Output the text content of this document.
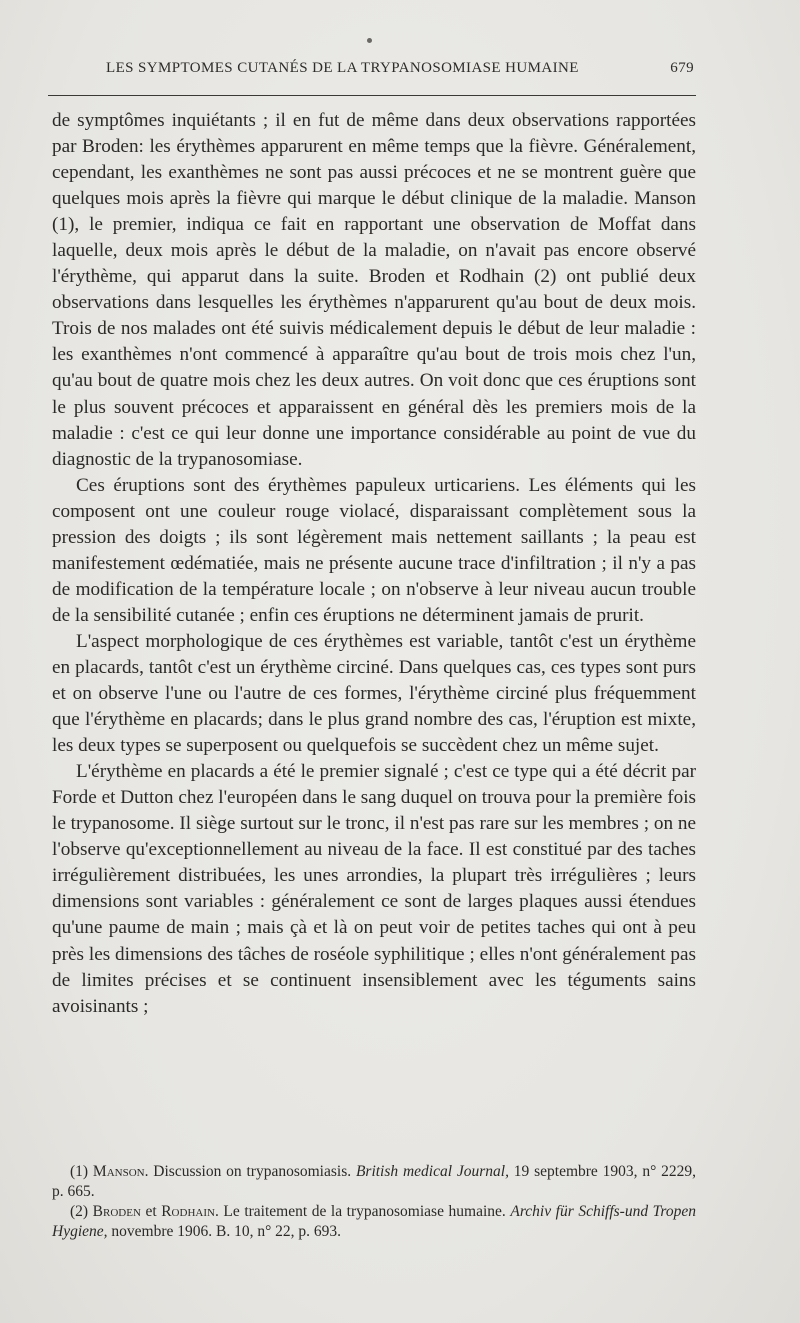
LES SYMPTOMES CUTANÉS DE LA TRYPANOSOMIASE HUMAINE	679

de symptômes inquiétants ; il en fut de même dans deux observations rapportées par Broden: les érythèmes apparurent en même temps que la fièvre. Généralement, cependant, les exanthèmes ne sont pas aussi précoces et ne se montrent guère que quelques mois après la fièvre qui marque le début clinique de la maladie. Manson (1), le premier, indiqua ce fait en rapportant une observation de Moffat dans laquelle, deux mois après le début de la maladie, on n'avait pas encore observé l'érythème, qui apparut dans la suite. Broden et Rodhain (2) ont publié deux observations dans lesquelles les érythèmes n'apparurent qu'au bout de deux mois. Trois de nos malades ont été suivis médicalement depuis le début de leur maladie : les exanthèmes n'ont commencé à apparaître qu'au bout de trois mois chez l'un, qu'au bout de quatre mois chez les deux autres. On voit donc que ces éruptions sont le plus souvent précoces et apparaissent en général dès les premiers mois de la maladie : c'est ce qui leur donne une importance considérable au point de vue du diagnostic de la trypanosomiase.

Ces éruptions sont des érythèmes papuleux urticariens. Les éléments qui les composent ont une couleur rouge violacé, disparaissant complètement sous la pression des doigts ; ils sont légèrement mais nettement saillants ; la peau est manifestement œdématiée, mais ne présente aucune trace d'infiltration ; il n'y a pas de modification de la température locale ; on n'observe à leur niveau aucun trouble de la sensibilité cutanée ; enfin ces éruptions ne déterminent jamais de prurit.

L'aspect morphologique de ces érythèmes est variable, tantôt c'est un érythème en placards, tantôt c'est un érythème circiné. Dans quelques cas, ces types sont purs et on observe l'une ou l'autre de ces formes, l'érythème circiné plus fréquemment que l'érythème en placards; dans le plus grand nombre des cas, l'éruption est mixte, les deux types se superposent ou quelquefois se succèdent chez un même sujet.

L'érythème en placards a été le premier signalé ; c'est ce type qui a été décrit par Forde et Dutton chez l'européen dans le sang duquel on trouva pour la première fois le trypanosome. Il siège surtout sur le tronc, il n'est pas rare sur les membres ; on ne l'observe qu'exceptionnellement au niveau de la face. Il est constitué par des taches irrégulièrement distribuées, les unes arrondies, la plupart très irrégulières ; leurs dimensions sont variables : généralement ce sont de larges plaques aussi étendues qu'une paume de main ; mais çà et là on peut voir de petites taches qui ont à peu près les dimensions des tâches de roséole syphilitique ; elles n'ont généralement pas de limites précises et se continuent insensiblement avec les téguments sains avoisinants ;

(1) Manson. Discussion on trypanosomiasis. British medical Journal, 19 septembre 1903, n° 2229, p. 665.

(2) Broden et Rodhain. Le traitement de la trypanosomiase humaine. Archiv für Schiffs-und Tropen Hygiene, novembre 1906. B. 10, n° 22, p. 693.
